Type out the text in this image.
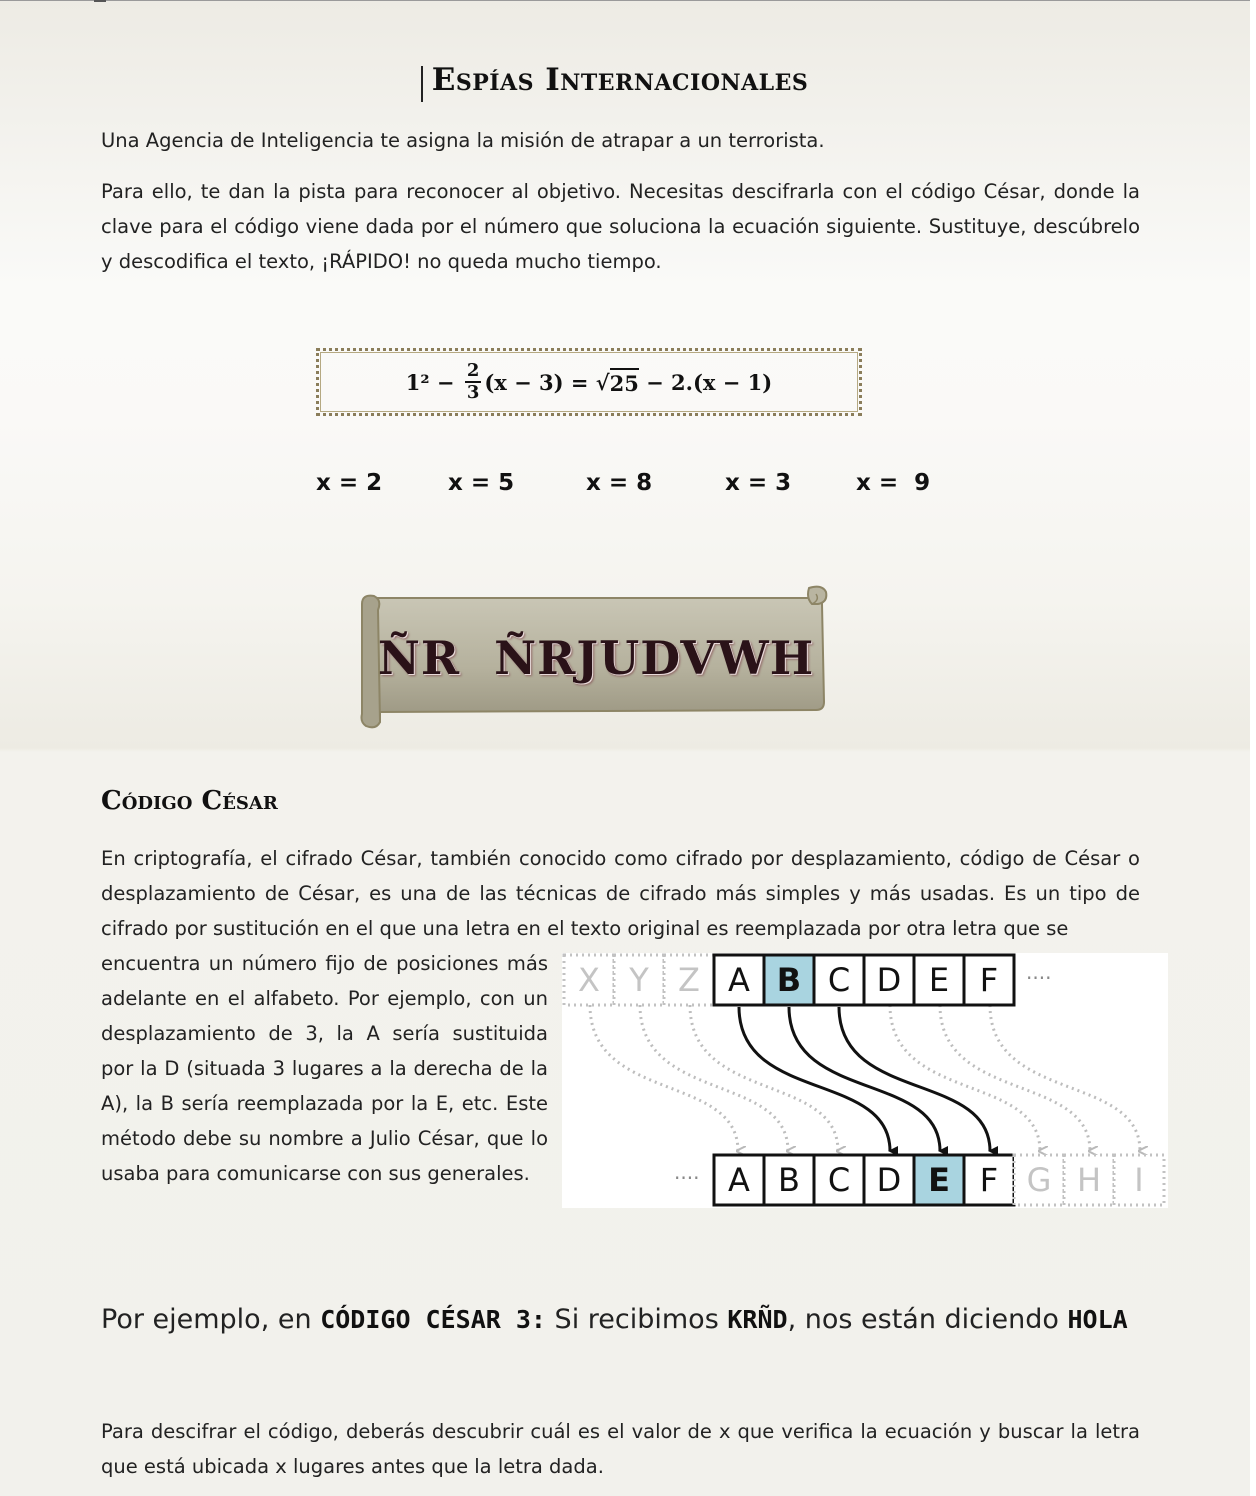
Espías Internacionales
Una Agencia de Inteligencia te asigna la misión de atrapar a un terrorista.
Para ello, te dan la pista para reconocer al objetivo. Necesitas descifrarla con el código César, donde la clave para el código viene dada por el número que soluciona la ecuación siguiente. Sustituye, descúbrelo y descodifica el texto, ¡RÁPIDO! no queda mucho tiempo.
$1^2 - \frac{2}{3} (x - 3)$ = √ 25 − 2.(x − 1)
x = 2	x = 5	x = 8	x = 3	x =  9
ÑR  ÑRJUDVWH
Código César
En criptografía, el cifrado César, también conocido como cifrado por desplazamiento, código de César o desplazamiento de César, es una de las técnicas de cifrado más simples y más usadas. Es un tipo de cifrado por sustitución en el que una letra en el texto original es reemplazada por otra letra que se
encuentra un número fijo de posiciones más adelante en el alfabeto. Por ejemplo, con un desplazamiento de 3, la A sería sustituida por la D (situada 3 lugares a la derecha de la A), la B sería reemplazada por la E, etc. Este método debe su nombre a Julio César, que lo usaba para comunicarse con sus generales.
X Y Z A B C D E F
A B C D E F G H I
····
····
Por ejemplo, en CÓDIGO CÉSAR 3: Si recibimos KRÑD, nos están diciendo HOLA
Para descifrar el código, deberás descubrir cuál es el valor de x que verifica la ecuación y buscar la letra que está ubicada x lugares antes que la letra dada.
